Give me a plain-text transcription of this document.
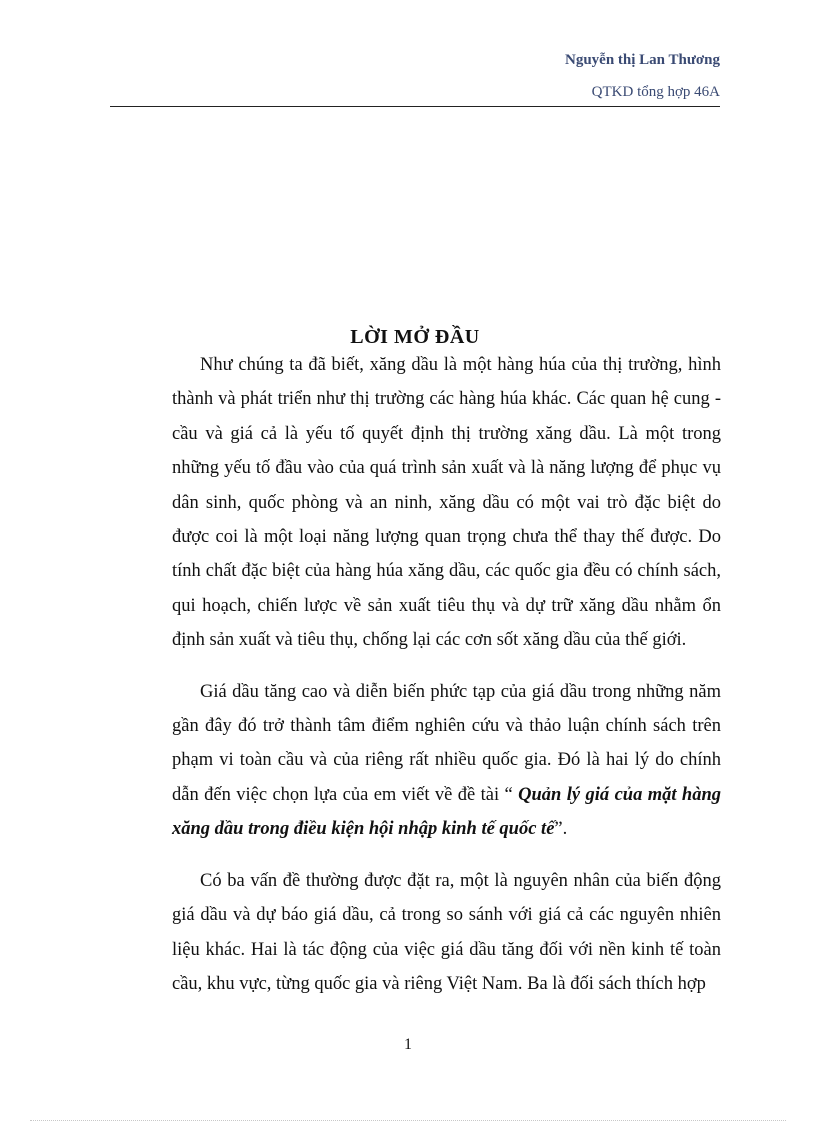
Nguyễn thị Lan Thương
QTKD tổng hợp 46A
LỜI MỞ ĐẦU

Như chúng ta đã biết, xăng dầu là một hàng húa của thị trường, hình thành và phát triển như thị trường các hàng húa khác. Các quan hệ cung - cầu và giá cả là yếu tố quyết định thị trường xăng dầu. Là một trong những yếu tố đầu vào của quá trình sản xuất và là năng lượng để phục vụ dân sinh, quốc phòng và an ninh, xăng dầu có một vai trò đặc biệt do được coi là một loại năng lượng quan trọng chưa thể thay thế được. Do tính chất đặc biệt của hàng húa xăng dầu, các quốc gia đều có chính sách, qui hoạch, chiến lược về sản xuất tiêu thụ và dự trữ xăng dầu nhằm ổn định sản xuất và tiêu thụ, chống lại các cơn sốt xăng dầu của thế giới.

Giá dầu tăng cao và diễn biến phức tạp của giá dầu trong những năm gần đây đó trở thành tâm điểm nghiên cứu và thảo luận chính sách trên phạm vi toàn cầu và của riêng rất nhiều quốc gia. Đó là hai lý do chính dẫn đến việc chọn lựa của em viết về đề tài “ Quản lý giá của mặt hàng xăng dầu trong điều kiện hội nhập kinh tế quốc tế”.

Có ba vấn đề thường được đặt ra, một là nguyên nhân của biến động giá dầu và dự báo giá dầu, cả trong so sánh với giá cả các nguyên nhiên liệu khác. Hai là tác động của việc giá dầu tăng đối với nền kinh tế toàn cầu, khu vực, từng quốc gia và riêng Việt Nam. Ba là đối sách thích hợp

1
